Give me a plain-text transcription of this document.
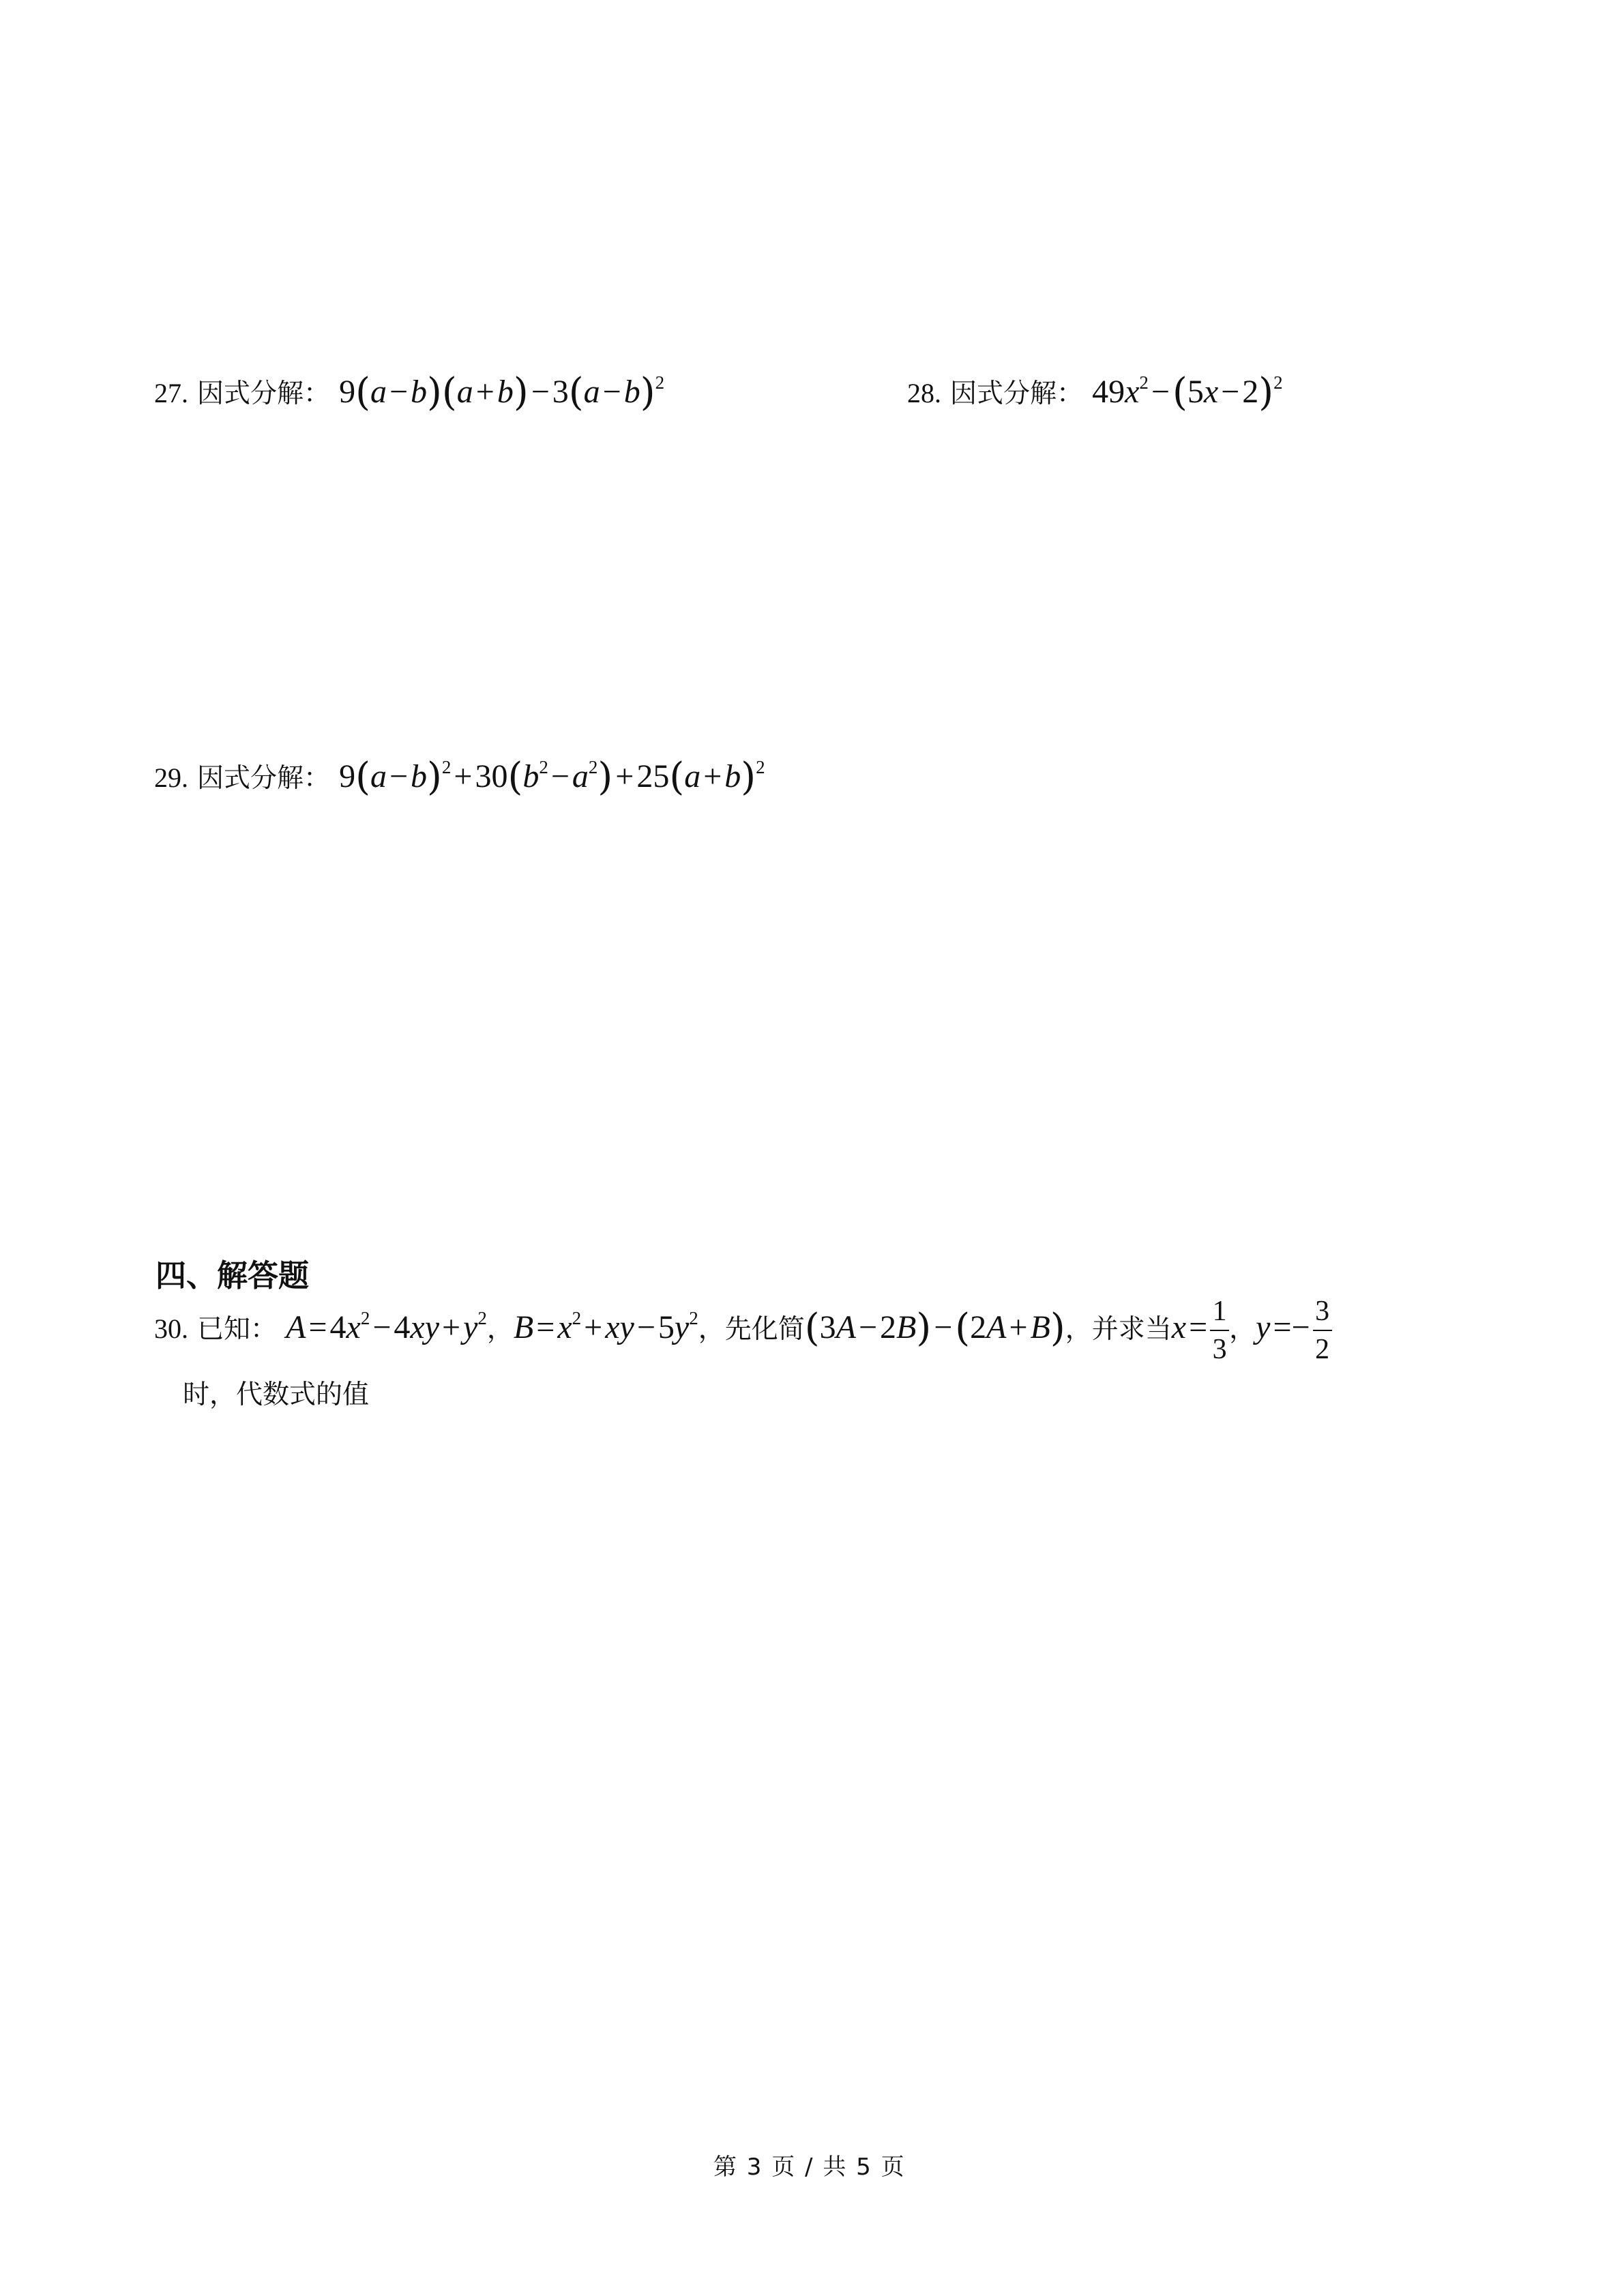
27. 因式分解： $9(a-b)(a+b)-3(a-b)^2$	28. 因式分解： $49x^2-(5x-2)^2$
29. 因式分解： $9(a-b)^2+30(b^2-a^2)+25(a+b)^2$
四、解答题
30. 已知： $A=4x^2-4xy+y^2$，$B=x^2+xy-5y^2$，先化简(3A−2B)−(2A+B)，并求当$x= \frac{1}{3}$ ，$y=- \frac{3}{2}$
时，代数式的值
第 3 页 / 共 5 页
